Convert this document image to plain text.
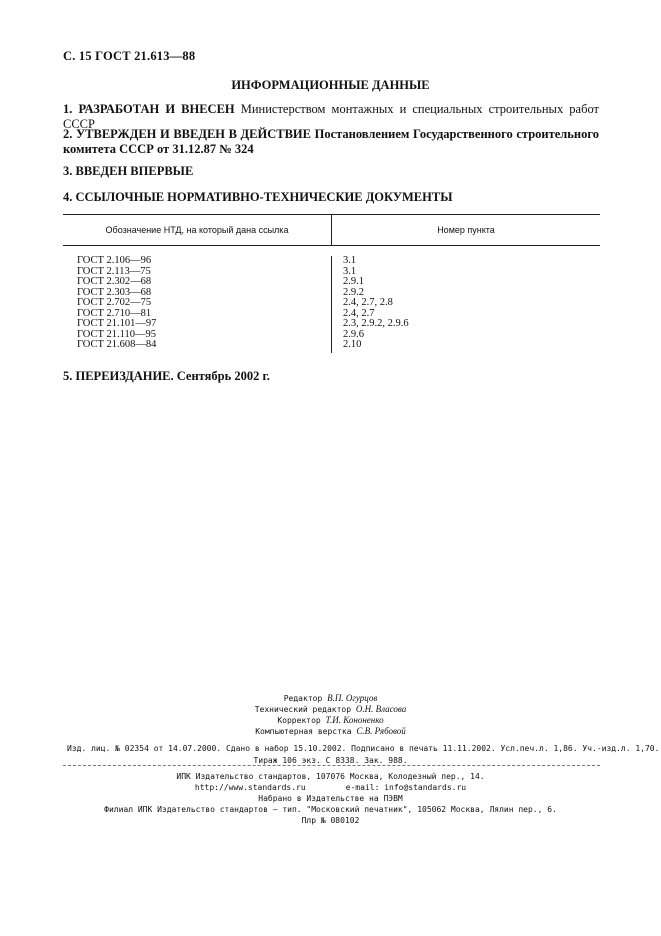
С. 15 ГОСТ 21.613—88
ИНФОРМАЦИОННЫЕ ДАННЫЕ
1. РАЗРАБОТАН И ВНЕСЕН Министерством монтажных и специальных строительных работ СССР
2. УТВЕРЖДЕН И ВВЕДЕН В ДЕЙСТВИЕ Постановлением Государственного строительного комитета СССР от 31.12.87 № 324
3. ВВЕДЕН ВПЕРВЫЕ
4. ССЫЛОЧНЫЕ НОРМАТИВНО-ТЕХНИЧЕСКИЕ ДОКУМЕНТЫ
Обозначение НТД, на который дана ссылка	Номер пункта
ГОСТ 2.106—96
ГОСТ 2.113—75
ГОСТ 2.302—68
ГОСТ 2.303—68
ГОСТ 2.702—75
ГОСТ 2.710—81
ГОСТ 21.101—97
ГОСТ 21.110—95
ГОСТ 21.608—84
3.1
3.1
2.9.1
2.9.2
2.4, 2.7, 2.8
2.4, 2.7
2.3, 2.9.2, 2.9.6
2.9.6
2.10
5. ПЕРЕИЗДАНИЕ. Сентябрь 2002 г.
Редактор В.П. Огурцов
Технический редактор О.Н. Власова
Корректор Т.И. Кононенко
Компьютерная верстка С.В. Рябовой
Изд. лиц. № 02354 от 14.07.2000. Сдано в набор 15.10.2002. Подписано в печать 11.11.2002. Усл.печ.л. 1,86. Уч.-изд.л. 1,70.
Тираж 106 экз. С 8338. Зак. 988.
ИПК Издательство стандартов, 107076 Москва, Колодезный пер., 14.
http://www.standards.ru	e-mail: info@standards.ru
Набрано в Издательстве на ПЭВМ
Филиал ИПК Издательство стандартов — тип. "Московский печатник", 105062 Москва, Лялин пер., 6.
Плр № 080102
